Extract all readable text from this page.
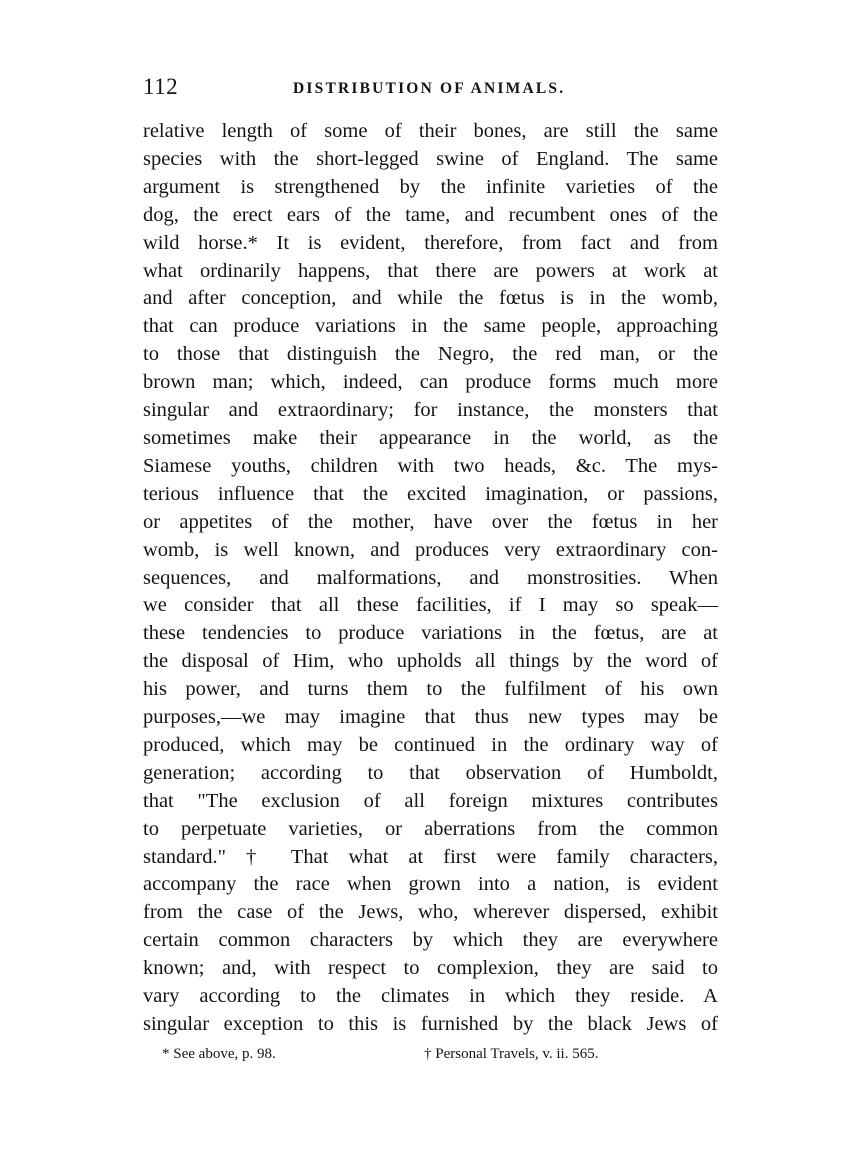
112	DISTRIBUTION OF ANIMALS.
relative length of some of their bones, are still the same
species with the short-legged swine of England. The same
argument is strengthened by the infinite varieties of the
dog, the erect ears of the tame, and recumbent ones of the
wild horse.* It is evident, therefore, from fact and from
what ordinarily happens, that there are powers at work at
and after conception, and while the fœtus is in the womb,
that can produce variations in the same people, approaching
to those that distinguish the Negro, the red man, or the
brown man; which, indeed, can produce forms much more
singular and extraordinary; for instance, the monsters that
sometimes make their appearance in the world, as the
Siamese youths, children with two heads, &c. The mys-
terious influence that the excited imagination, or passions,
or appetites of the mother, have over the fœtus in her
womb, is well known, and produces very extraordinary con-
sequences, and malformations, and monstrosities. When
we consider that all these facilities, if I may so speak—
these tendencies to produce variations in the fœtus, are at
the disposal of Him, who upholds all things by the word of
his power, and turns them to the fulfilment of his own
purposes,—we may imagine that thus new types may be
produced, which may be continued in the ordinary way of
generation; according to that observation of Humboldt,
that "The exclusion of all foreign mixtures contributes
to perpetuate varieties, or aberrations from the common
standard." † That what at first were family characters,
accompany the race when grown into a nation, is evident
from the case of the Jews, who, wherever dispersed, exhibit
certain common characters by which they are everywhere
known; and, with respect to complexion, they are said to
vary according to the climates in which they reside. A
singular exception to this is furnished by the black Jews of
* See above, p. 98.	† Personal Travels, v. ii. 565.
